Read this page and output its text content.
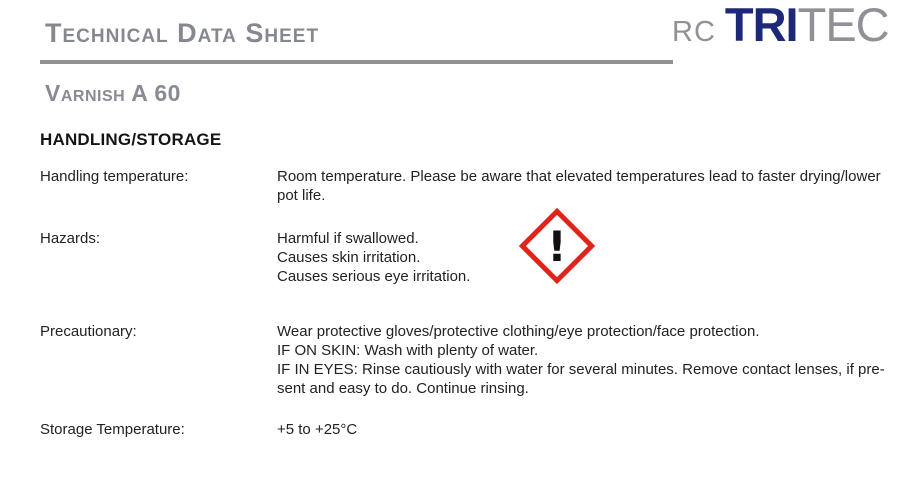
Technical Data Sheet	RC TRITEC
Varnish A 60
HANDLING/STORAGE
Handling temperature:	Room temperature. Please be aware that elevated temperatures lead to faster drying/lower
pot life.
Hazards:	Harmful if swallowed.
Causes skin irritation.
Causes serious eye irritation.
Precautionary:	Wear protective gloves/protective clothing/eye protection/face protection.
IF ON SKIN: Wash with plenty of water.
IF IN EYES: Rinse cautiously with water for several minutes. Remove contact lenses, if pre-
sent and easy to do. Continue rinsing.
Storage Temperature:	+5 to +25°C
!
